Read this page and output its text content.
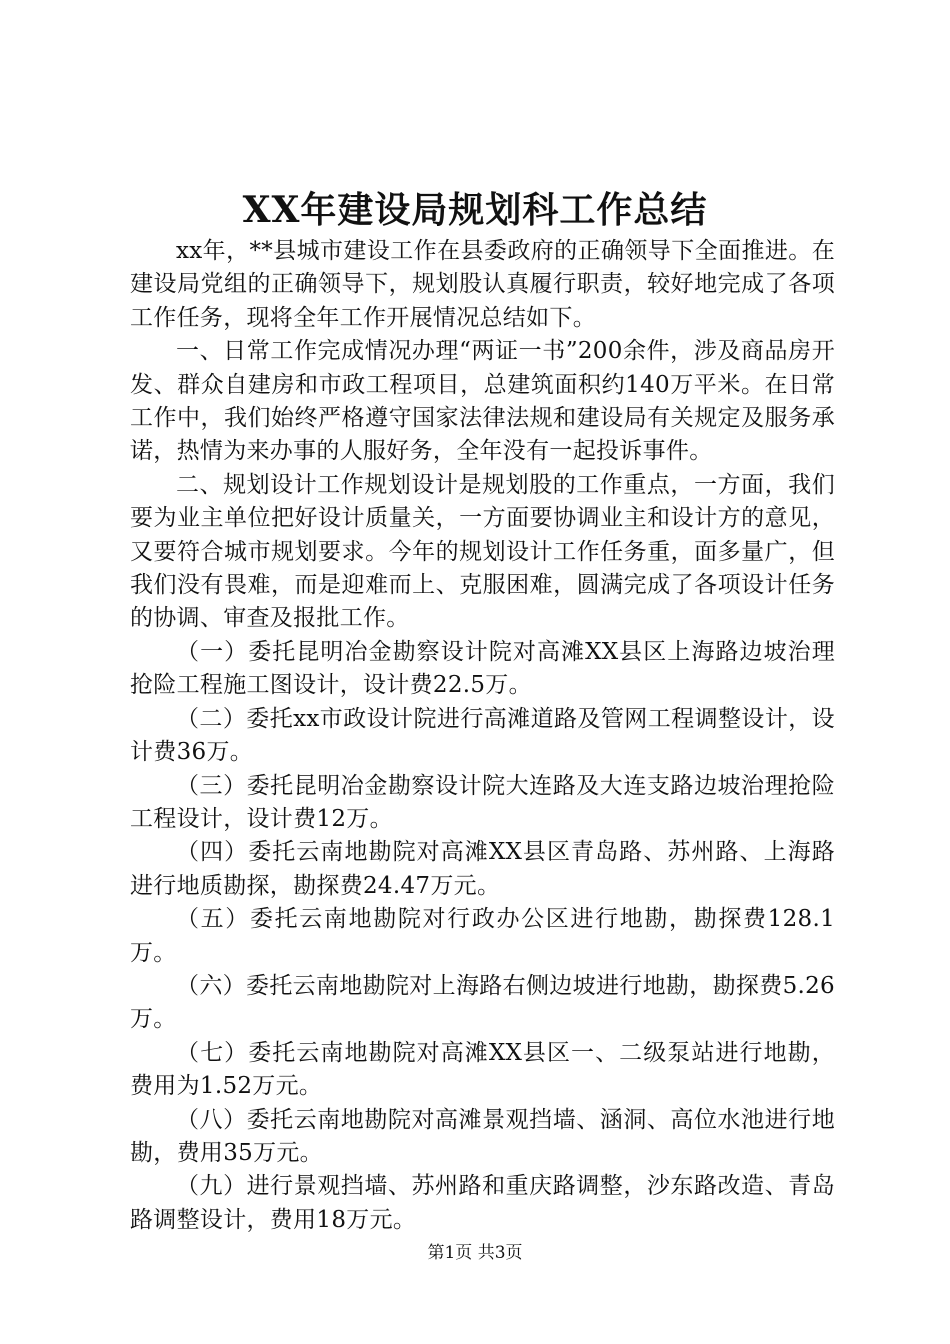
XX年建设局规划科工作总结

xx年，**县城市建设工作在县委政府的正确领导下全面推进。在建设局党组的正确领导下，规划股认真履行职责，较好地完成了各项工作任务，现将全年工作开展情况总结如下。

一、日常工作完成情况办理“两证一书”200余件，涉及商品房开发、群众自建房和市政工程项目，总建筑面积约140万平米。在日常工作中，我们始终严格遵守国家法律法规和建设局有关规定及服务承诺，热情为来办事的人服好务，全年没有一起投诉事件。

二、规划设计工作规划设计是规划股的工作重点，一方面，我们要为业主单位把好设计质量关，一方面要协调业主和设计方的意见，又要符合城市规划要求。今年的规划设计工作任务重，面多量广，但我们没有畏难，而是迎难而上、克服困难，圆满完成了各项设计任务的协调、审查及报批工作。

（一）委托昆明冶金勘察设计院对高滩XX县区上海路边坡治理抢险工程施工图设计，设计费22.5万。

（二）委托xx市政设计院进行高滩道路及管网工程调整设计，设计费36万。

（三）委托昆明冶金勘察设计院大连路及大连支路边坡治理抢险工程设计，设计费12万。

（四）委托云南地勘院对高滩XX县区青岛路、苏州路、上海路进行地质勘探，勘探费24.47万元。

（五）委托云南地勘院对行政办公区进行地勘，勘探费128.1万。

（六）委托云南地勘院对上海路右侧边坡进行地勘，勘探费5.26万。

（七）委托云南地勘院对高滩XX县区一、二级泵站进行地勘，费用为1.52万元。

（八）委托云南地勘院对高滩景观挡墙、涵洞、高位水池进行地勘，费用35万元。

（九）进行景观挡墙、苏州路和重庆路调整，沙东路改造、青岛路调整设计，费用18万元。

第1页 共3页
